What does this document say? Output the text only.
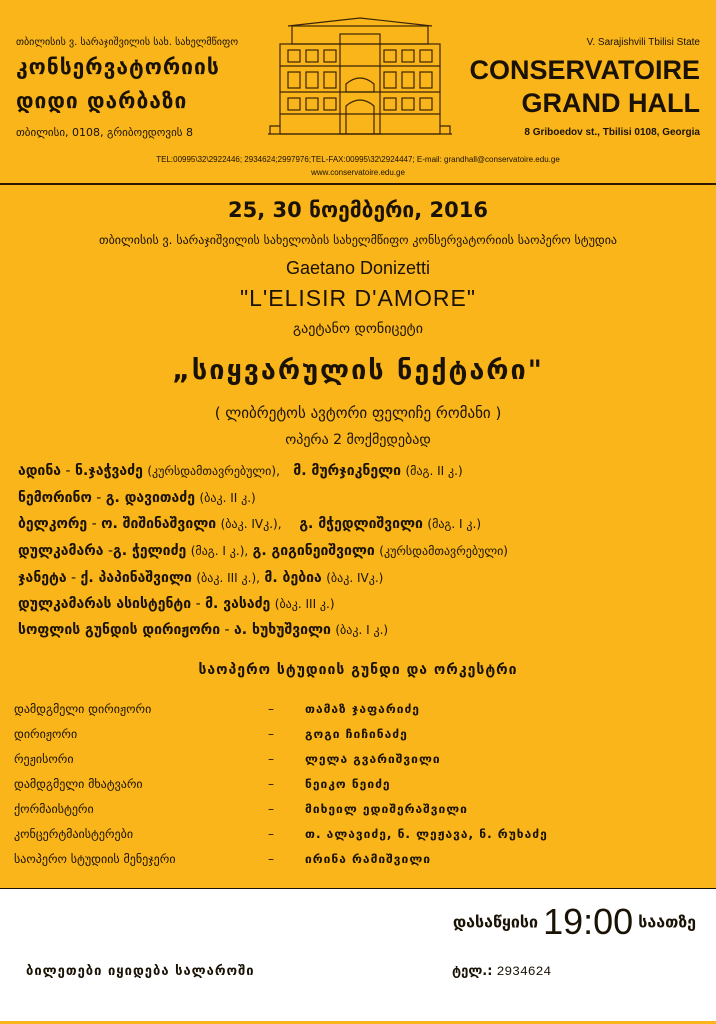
თბილისის ვ. სარაჯიშვილის სახ. სახელმწიფო
კონსერვატორიის
დიდი დარბაზი
თბილისი, 0108, გრიბოედოვის 8
V. Sarajishvili Tbilisi State
CONSERVATOIRE
GRAND HALL
8 Griboedov st., Tbilisi 0108, Georgia
TEL:00995\32\2922446; 2934624;2997976;TEL-FAX:00995\32\2924447; E-mail: grandhall@conservatoire.edu.ge
www.conservatoire.edu.ge
25, 30 ნოემბერი, 2016
თბილისის ვ. სარაჯიშვილის სახელობის სახელმწიფო კონსერვატორიის საოპერო სტუდია
Gaetano Donizetti
"L'ELISIR D'AMORE"
გაეტანო დონიცეტი
„სიყვარულის ნექტარი"
( ლიბრეტოს ავტორი ფელიჩე რომანი )
ოპერა 2 მოქმედებად
ადინა - ნ.ჯაჭვაძე (კურსდამთავრებული), მ. მურჯიკნელი (მაგ. II კ.)
ნემორინო - გ. დავითაძე (ბაკ. II კ.)
ბელკორე - ო. შიშინაშვილი (ბაკ. IVკ.), გ. მჭედლიშვილი (მაგ. I კ.)
დულკამარა -გ. ჭელიძე (მაგ. I კ.), გ. გიგინეიშვილი (კურსდამთავრებული)
ჯანეტა - ქ. პაპინაშვილი (ბაკ. III კ.), მ. ბებია (ბაკ. IVკ.)
დულკამარას ასისტენტი - მ. ვასაძე (ბაკ. III კ.)
სოფლის გუნდის დირიჟორი - ა. ხუხუშვილი (ბაკ. I კ.)
საოპერო სტუდიის გუნდი და ორკესტრი
დამდგმელი დირიჟორი	–	თამაზ ჯაფარიძე
დირიჟორი	–	გოგი ჩიჩინაძე
რეჟისორი	–	ლელა გვარიშვილი
დამდგმელი მხატვარი	–	ნეიკო ნეიძე
ქორმაისტერი	–	მიხეილ ედიშერაშვილი
კონცერტმაისტერები	–	თ. ალავიძე, ნ. ლეჟავა, ნ. რუხაძე
საოპერო სტუდიის მენეჯერი	–	ირინა რამიშვილი
დასაწყისი 19:00 საათზე
ბილეთები იყიდება სალაროში	ტელ.: 2934624
